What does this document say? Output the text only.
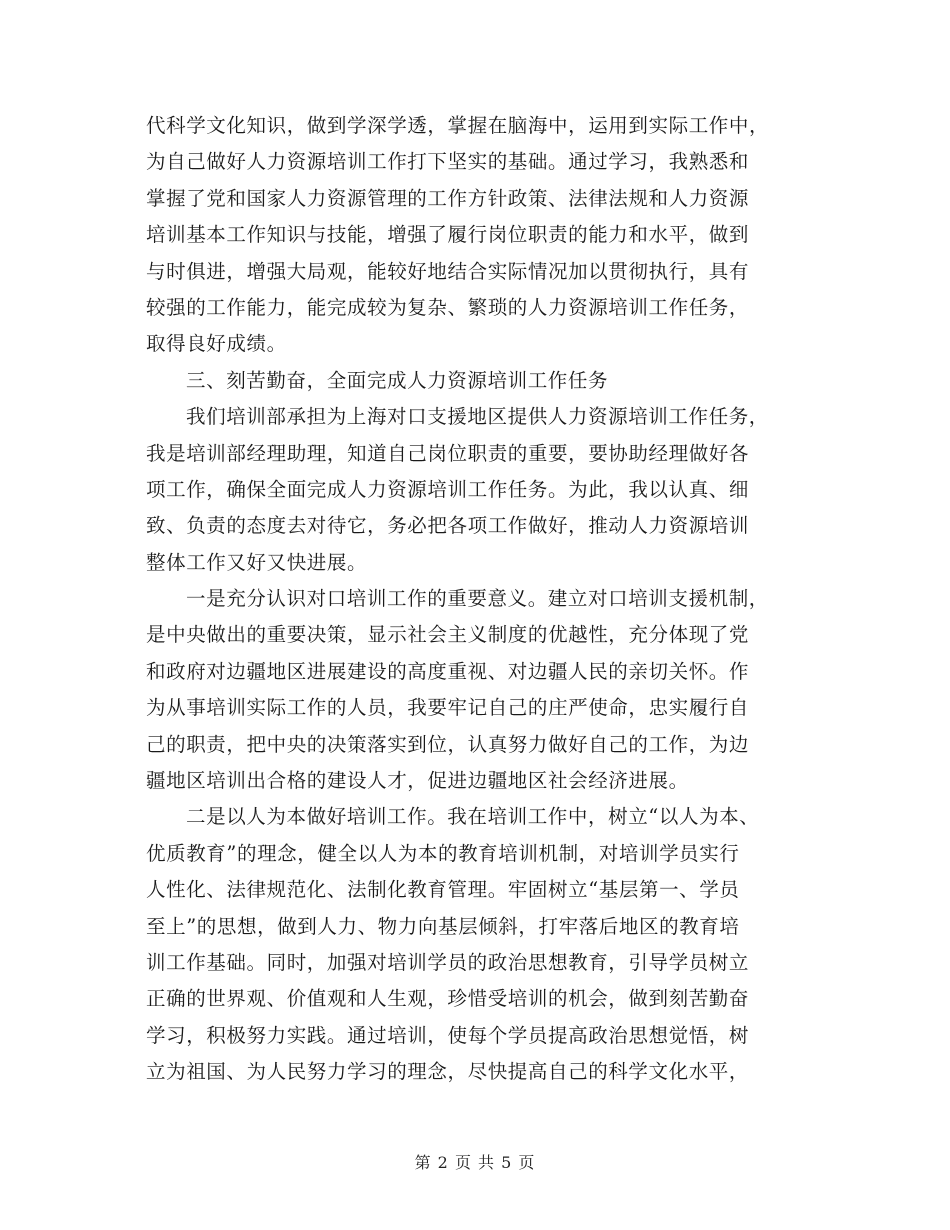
代科学文化知识，做到学深学透，掌握在脑海中，运用到实际工作中，
为自己做好人力资源培训工作打下坚实的基础。通过学习，我熟悉和
掌握了党和国家人力资源管理的工作方针政策、法律法规和人力资源
培训基本工作知识与技能，增强了履行岗位职责的能力和水平，做到
与时俱进，增强大局观，能较好地结合实际情况加以贯彻执行，具有
较强的工作能力，能完成较为复杂、繁琐的人力资源培训工作任务，
取得良好成绩。
三、刻苦勤奋，全面完成人力资源培训工作任务
我们培训部承担为上海对口支援地区提供人力资源培训工作任务，
我是培训部经理助理，知道自己岗位职责的重要，要协助经理做好各
项工作，确保全面完成人力资源培训工作任务。为此，我以认真、细
致、负责的态度去对待它，务必把各项工作做好，推动人力资源培训
整体工作又好又快进展。
一是充分认识对口培训工作的重要意义。建立对口培训支援机制，
是中央做出的重要决策，显示社会主义制度的优越性，充分体现了党
和政府对边疆地区进展建设的高度重视、对边疆人民的亲切关怀。作
为从事培训实际工作的人员，我要牢记自己的庄严使命，忠实履行自
己的职责，把中央的决策落实到位，认真努力做好自己的工作，为边
疆地区培训出合格的建设人才，促进边疆地区社会经济进展。
二是以人为本做好培训工作。我在培训工作中，树立“以人为本、
优质教育”的理念，健全以人为本的教育培训机制，对培训学员实行
人性化、法律规范化、法制化教育管理。牢固树立“基层第一、学员
至上”的思想，做到人力、物力向基层倾斜，打牢落后地区的教育培
训工作基础。同时，加强对培训学员的政治思想教育，引导学员树立
正确的世界观、价值观和人生观，珍惜受培训的机会，做到刻苦勤奋
学习，积极努力实践。通过培训，使每个学员提高政治思想觉悟，树
立为祖国、为人民努力学习的理念，尽快提高自己的科学文化水平，
第 2 页 共 5 页
